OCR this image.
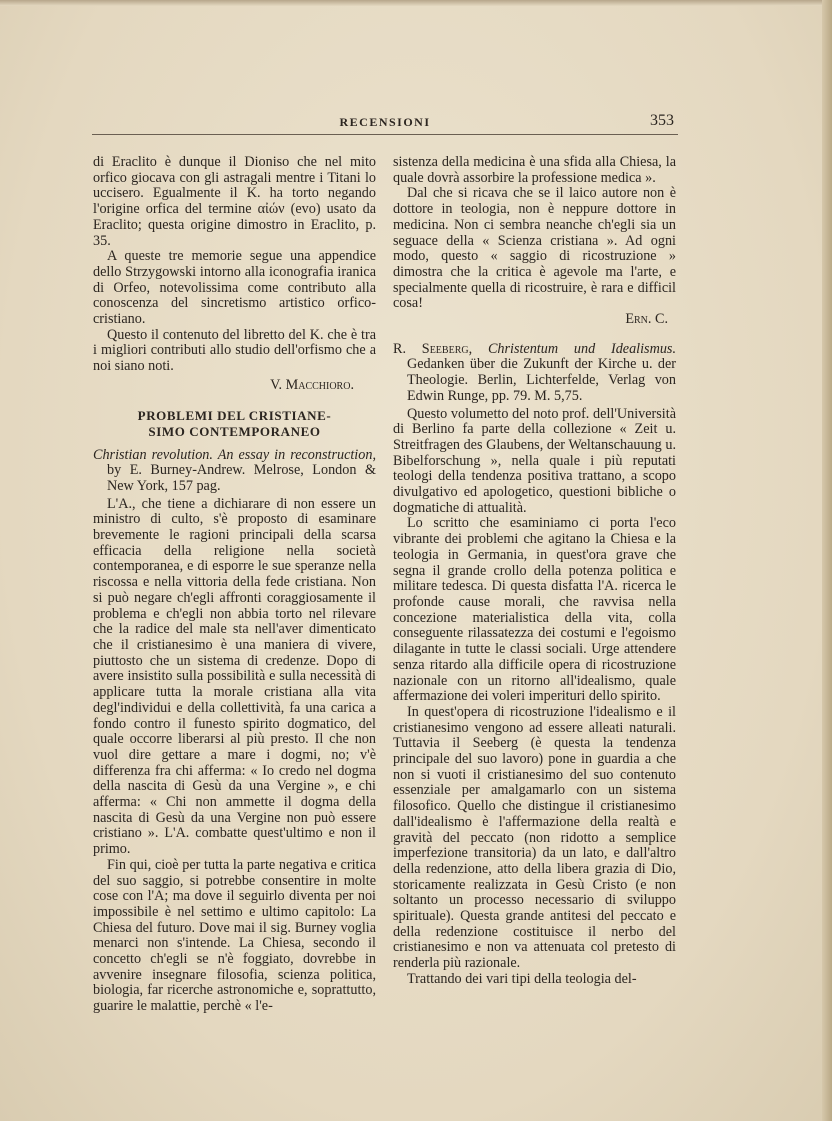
RECENSIONI	353

di Eraclito è dunque il Dioniso che nel mito orfico giocava con gli astragali mentre i Titani lo uccisero. Egualmente il K. ha torto negando l'origine orfica del termine αἰών (evo) usato da Eraclito; questa origine dimostro in Eraclito, p. 35.

A queste tre memorie segue una appendice dello Strzygowski intorno alla iconografia iranica di Orfeo, notevolissima come contributo alla conoscenza del sincretismo artistico orfico-cristiano.

Questo il contenuto del libretto del K. che è tra i migliori contributi allo studio dell'orfismo che a noi siano noti.

V. Macchioro.

PROBLEMI DEL CRISTIANE-
SIMO CONTEMPORANEO

Christian revolution. An essay in reconstruction, by E. Burney-Andrew. Melrose, London & New York, 157 pag.

L'A., che tiene a dichiarare di non essere un ministro di culto, s'è proposto di esaminare brevemente le ragioni principali della scarsa efficacia della religione nella società contemporanea, e di esporre le sue speranze nella riscossa e nella vittoria della fede cristiana. Non si può negare ch'egli affronti coraggiosamente il problema e ch'egli non abbia torto nel rilevare che la radice del male sta nell'aver dimenticato che il cristianesimo è una maniera di vivere, piuttosto che un sistema di credenze. Dopo di avere insistito sulla possibilità e sulla necessità di applicare tutta la morale cristiana alla vita degl'individui e della collettività, fa una carica a fondo contro il funesto spirito dogmatico, del quale occorre liberarsi al più presto. Il che non vuol dire gettare a mare i dogmi, no; v'è differenza fra chi afferma: « Io credo nel dogma della nascita di Gesù da una Vergine », e chi afferma: « Chi non ammette il dogma della nascita di Gesù da una Vergine non può essere cristiano ». L'A. combatte quest'ultimo e non il primo.

Fin qui, cioè per tutta la parte negativa e critica del suo saggio, si potrebbe consentire in molte cose con l'A; ma dove il seguirlo diventa per noi impossibile è nel settimo e ultimo capitolo: La Chiesa del futuro. Dove mai il sig. Burney voglia menarci non s'intende. La Chiesa, secondo il concetto ch'egli se n'è foggiato, dovrebbe in avvenire insegnare filosofia, scienza politica, biologia, far ricerche astronomiche e, soprattutto, guarire le malattie, perchè « l'e-

sistenza della medicina è una sfida alla Chiesa, la quale dovrà assorbire la professione medica ».

Dal che si ricava che se il laico autore non è dottore in teologia, non è neppure dottore in medicina. Non ci sembra neanche ch'egli sia un seguace della « Scienza cristiana ». Ad ogni modo, questo « saggio di ricostruzione » dimostra che la critica è agevole ma l'arte, e specialmente quella di ricostruire, è rara e difficil cosa!

Ern. C.

R. Seeberg, Christentum und Idealismus. Gedanken über die Zukunft der Kirche u. der Theologie. Berlin, Lichterfelde, Verlag von Edwin Runge, pp. 79. M. 5,75.

Questo volumetto del noto prof. dell'Università di Berlino fa parte della collezione « Zeit u. Streitfragen des Glaubens, der Weltanschauung u. Bibelforschung », nella quale i più reputati teologi della tendenza positiva trattano, a scopo divulgativo ed apologetico, questioni bibliche o dogmatiche di attualità.

Lo scritto che esaminiamo ci porta l'eco vibrante dei problemi che agitano la Chiesa e la teologia in Germania, in quest'ora grave che segna il grande crollo della potenza politica e militare tedesca. Di questa disfatta l'A. ricerca le profonde cause morali, che ravvisa nella concezione materialistica della vita, colla conseguente rilassatezza dei costumi e l'egoismo dilagante in tutte le classi sociali. Urge attendere senza ritardo alla difficile opera di ricostruzione nazionale con un ritorno all'idealismo, quale affermazione dei voleri imperituri dello spirito.

In quest'opera di ricostruzione l'idealismo e il cristianesimo vengono ad essere alleati naturali. Tuttavia il Seeberg (è questa la tendenza principale del suo lavoro) pone in guardia a che non si vuoti il cristianesimo del suo contenuto essenziale per amalgamarlo con un sistema filosofico. Quello che distingue il cristianesimo dall'idealismo è l'affermazione della realtà e gravità del peccato (non ridotto a semplice imperfezione transitoria) da un lato, e dall'altro della redenzione, atto della libera grazia di Dio, storicamente realizzata in Gesù Cristo (e non soltanto un processo necessario di sviluppo spirituale). Questa grande antitesi del peccato e della redenzione costituisce il nerbo del cristianesimo e non va attenuata col pretesto di renderla più razionale.

Trattando dei vari tipi della teologia del-
